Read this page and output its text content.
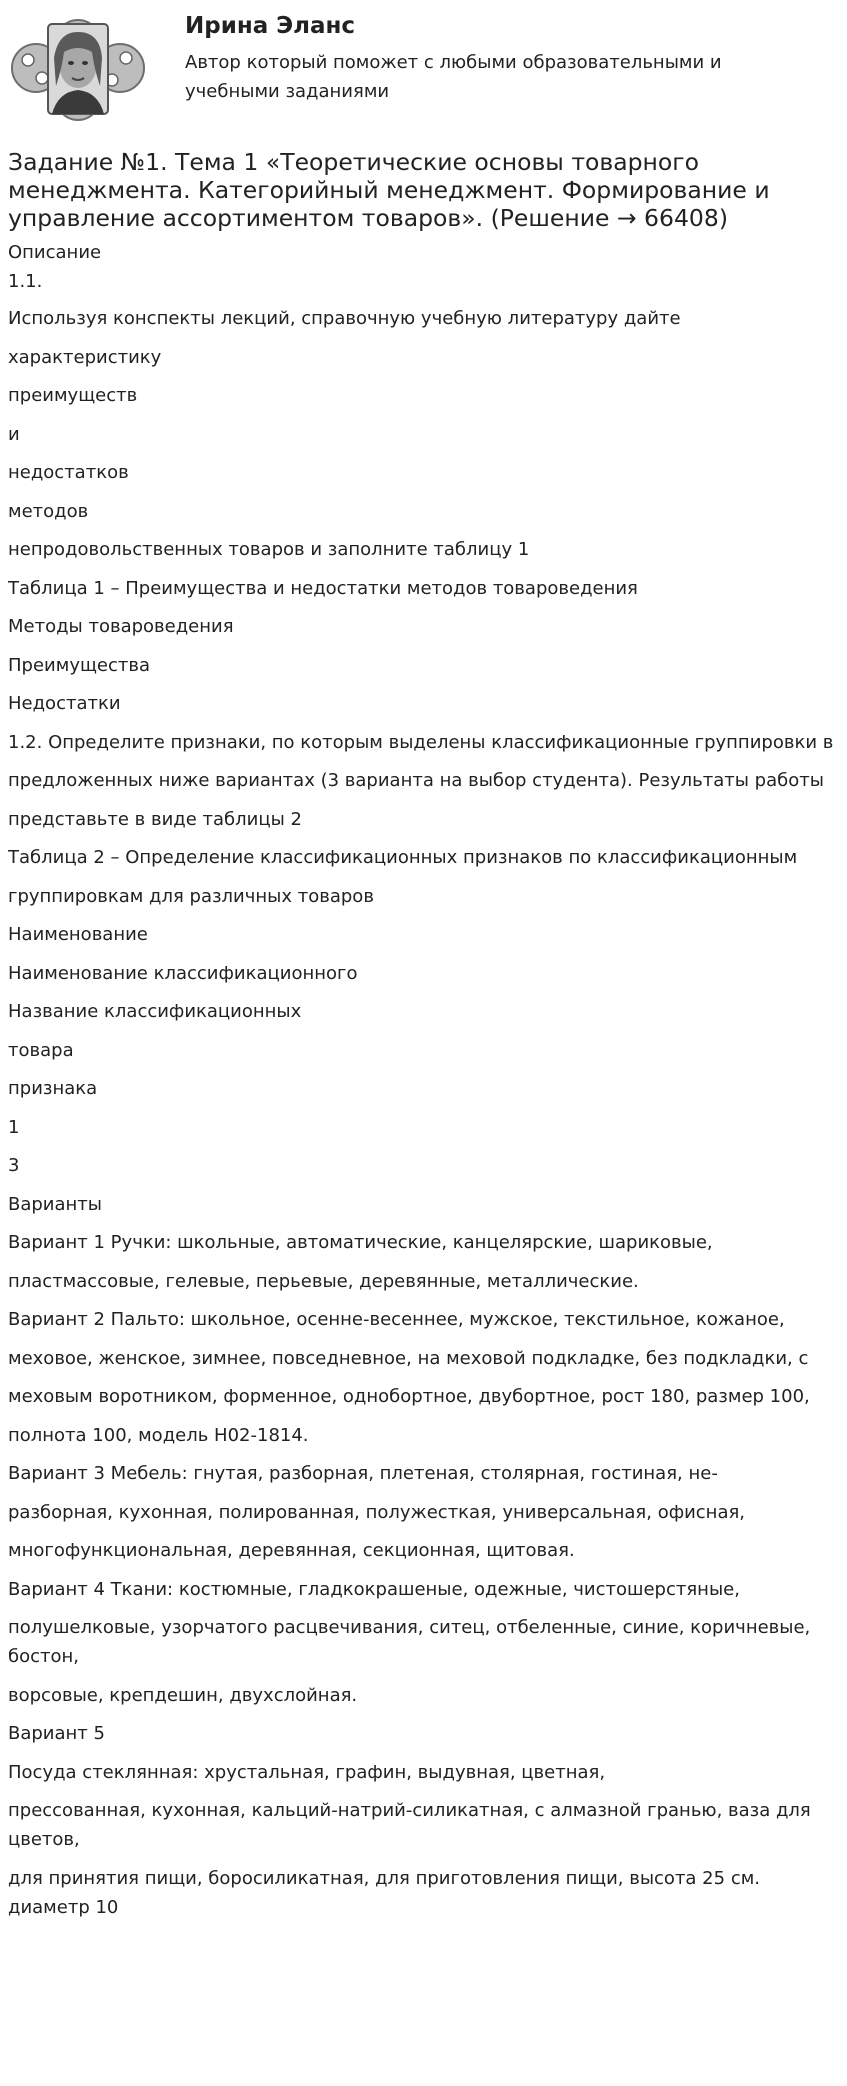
Ирина Эланс

Автор который поможет с любыми образовательными и учебными заданиями

Задание №1. Тема 1 «Теоретические основы товарного менеджмента. Категорийный менеджмент. Формирование и управление ассортиментом товаров». (Решение → 66408)

Описание

1.1.

Используя конспекты лекций, справочную учебную литературу дайте

характеристику

преимуществ

и

недостатков

методов

непродовольственных товаров и заполните таблицу 1

Таблица 1 – Преимущества и недостатки методов товароведения

Методы товароведения

Преимущества

Недостатки

1.2. Определите признаки, по которым выделены классификационные группировки в

предложенных ниже вариантах (3 варианта на выбор студента). Результаты работы

представьте в виде таблицы 2

Таблица 2 – Определение классификационных признаков по классификационным

группировкам для различных товаров

Наименование

Наименование классификационного

Название классификационных

товара

признака

1

3

Варианты

Вариант 1 Ручки: школьные, автоматические, канцелярские, шариковые,

пластмассовые, гелевые, перьевые, деревянные, металлические.

Вариант 2 Пальто: школьное, осенне-весеннее, мужское, текстильное, кожаное,

меховое, женское, зимнее, повседневное, на меховой подкладке, без подкладки, с

меховым воротником, форменное, однобортное, двубортное, рост 180, размер 100,

полнота 100, модель Н02-1814.

Вариант 3 Мебель: гнутая, разборная, плетеная, столярная, гостиная, не-

разборная, кухонная, полированная, полужесткая, универсальная, офисная,

многофункциональная, деревянная, секционная, щитовая.

Вариант 4 Ткани: костюмные, гладкокрашеные, одежные, чистошерстяные,

полушелковые, узорчатого расцвечивания, ситец, отбеленные, синие, коричневые, бостон,

ворсовые, крепдешин, двухслойная.

Вариант 5

Посуда стеклянная: хрустальная, графин, выдувная, цветная,

прессованная, кухонная, кальций-натрий-силикатная, с алмазной гранью, ваза для цветов,

для принятия пищи, боросиликатная, для приготовления пищи, высота 25 см. диаметр 10
